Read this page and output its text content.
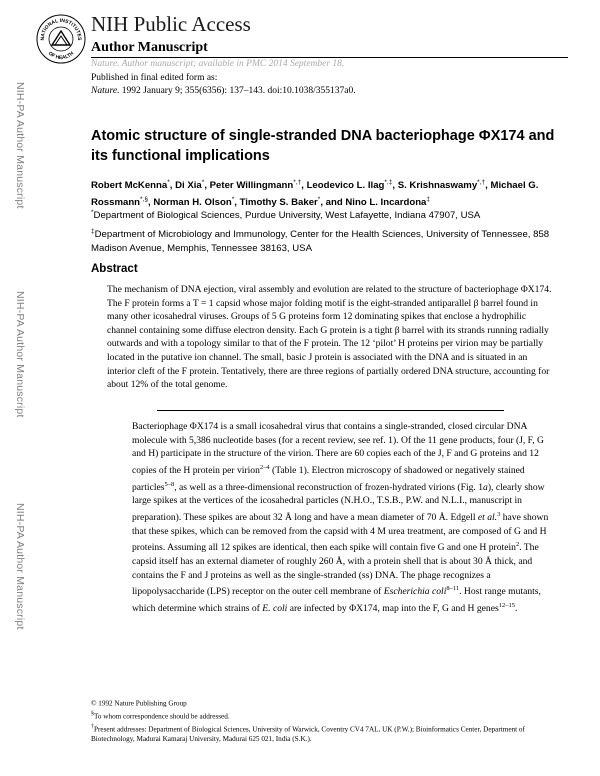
NATIONAL INSTITUTES
OF HEALTH
NIH Public Access
Author Manuscript
Nature. Author manuscript; available in PMC 2014 September 18.
NIH-PA Author Manuscript
NIH-PA Author Manuscript
NIH-PA Author Manuscript
Published in final edited form as:
Nature. 1992 January 9; 355(6356): 137–143. doi:10.1038/355137a0.
Atomic structure of single-stranded DNA bacteriophage ΦX174 and its functional implications
Robert McKenna*, Di Xia*, Peter Willingmann*,†, Leodevico L. Ilag*,‡, S. Krishnaswamy*,†, Michael G. Rossmann*,§, Norman H. Olson*, Timothy S. Baker*, and Nino L. Incardona‡
*Department of Biological Sciences, Purdue University, West Lafayette, Indiana 47907, USA
‡Department of Microbiology and Immunology, Center for the Health Sciences, University of Tennessee, 858 Madison Avenue, Memphis, Tennessee 38163, USA
Abstract
The mechanism of DNA ejection, viral assembly and evolution are related to the structure of bacteriophage ΦX174. The F protein forms a T = 1 capsid whose major folding motif is the eight-stranded antiparallel β barrel found in many other icosahedral viruses. Groups of 5 G proteins form 12 dominating spikes that enclose a hydrophilic channel containing some diffuse electron density. Each G protein is a tight β barrel with its strands running radially outwards and with a topology similar to that of the F protein. The 12 ‘pilot’ H proteins per virion may be partially located in the putative ion channel. The small, basic J protein is associated with the DNA and is situated in an interior cleft of the F protein. Tentatively, there are three regions of partially ordered DNA structure, accounting for about 12% of the total genome.
Bacteriophage ΦX174 is a small icosahedral virus that contains a single-stranded, closed circular DNA molecule with 5,386 nucleotide bases (for a recent review, see ref. 1). Of the 11 gene products, four (J, F, G and H) participate in the structure of the virion. There are 60 copies each of the J, F and G proteins and 12 copies of the H protein per virion$^{2-4}$ (Table 1). Electron microscopy of shadowed or negatively stained particles$^{5-8}$, as well as a three-dimensional reconstruction of frozen-hydrated virions (Fig. 1a), clearly show large spikes at the vertices of the icosahedral particles (N.H.O., T.S.B., P.W. and N.L.I., manuscript in preparation). These spikes are about 32 Å long and have a mean diameter of 70 Å. Edgell et al.$^3$ have shown that these spikes, which can be removed from the capsid with 4 M urea treatment, are composed of G and H proteins. Assuming all 12 spikes are identical, then each spike will contain five G and one H protein$^2$. The capsid itself has an external diameter of roughly 260 Å, with a protein shell that is about 30 Å thick, and contains the F and J proteins as well as the single-stranded (ss) DNA. The phage recognizes a lipopolysaccharide (LPS) receptor on the outer cell membrane of Escherichia coli$^{8-11}$. Host range mutants, which determine which strains of E. coli are infected by ΦX174, map into the F, G and H genes$^{12-15}$.
© 1992 Nature Publishing Group
§To whom correspondence should be addressed.
†Present addresses: Department of Biological Sciences, University of Warwick, Coventry CV4 7AL, UK (P.W.); Bioinformatics Center, Department of Biotechnology, Madurai Kamaraj University, Madurai 625 021, India (S.K.).
